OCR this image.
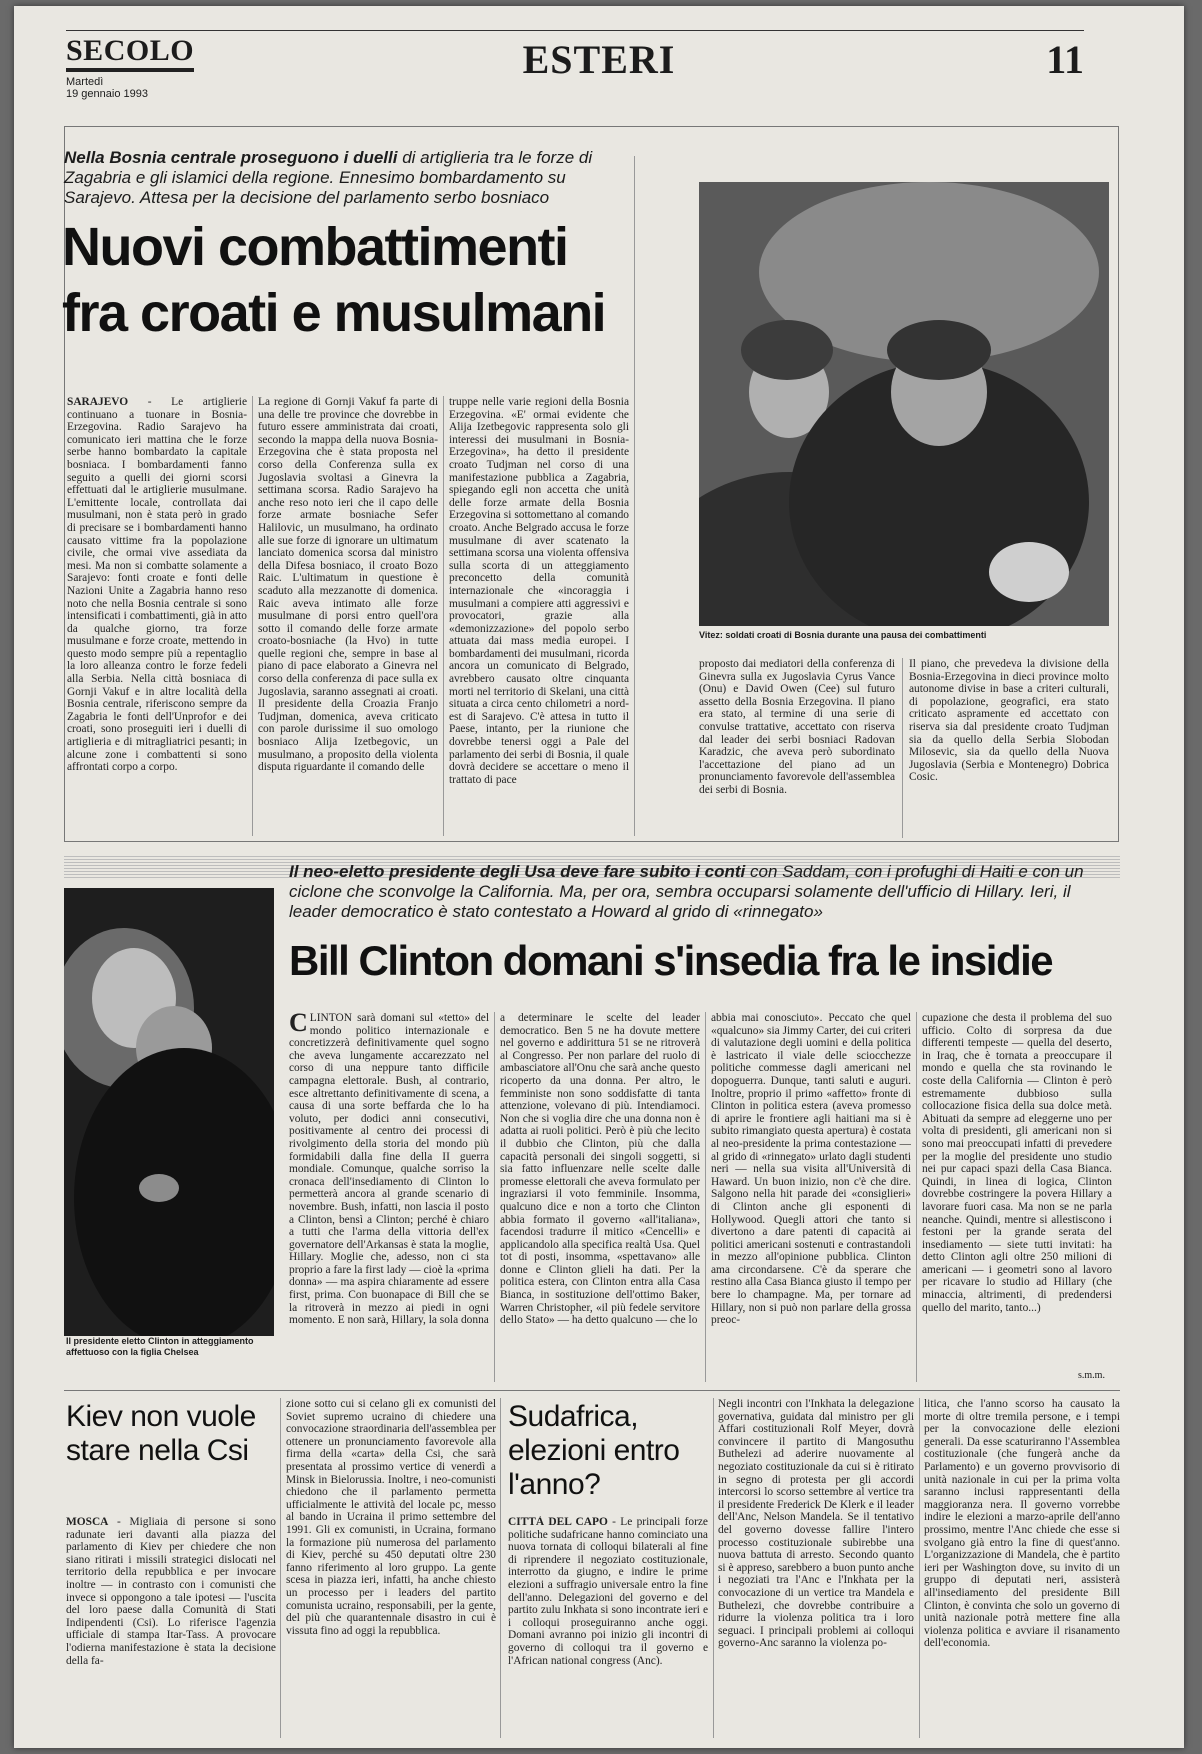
SECOLO
Martedì
19 gennaio 1993
ESTERI	11
Nella Bosnia centrale proseguono i duelli di artiglieria tra le forze di Zagabria e gli islamici della regione. Ennesimo bombardamento su Sarajevo. Attesa per la decisione del parlamento serbo bosniaco
Nuovi combattimenti
fra croati e musulmani
Vitez: soldati croati di Bosnia durante una pausa dei combattimenti
SARAJEVO - Le artiglierie continuano a tuonare in Bosnia-Erzegovina. Radio Sarajevo ha comunicato ieri mattina che le forze serbe hanno bombardato la capitale bosniaca. I bombardamenti fanno seguito a quelli dei giorni scorsi effettuati dal le artiglierie musulmane. L'emittente locale, controllata dai musulmani, non è stata però in grado di precisare se i bombardamenti hanno causato vittime fra la popolazione civile, che ormai vive assediata da mesi. Ma non si combatte solamente a Sarajevo: fonti croate e fonti delle Nazioni Unite a Zagabria hanno reso noto che nella Bosnia centrale si sono intensificati i combattimenti, già in atto da qualche giorno, tra forze musulmane e forze croate, mettendo in questo modo sempre più a repentaglio la loro alleanza contro le forze fedeli alla Serbia. Nella città bosniaca di Gornji Vakuf e in altre località della Bosnia centrale, riferiscono sempre da Zagabria le fonti dell'Unprofor e dei croati, sono proseguiti ieri i duelli di artiglieria e di mitragliatrici pesanti; in alcune zone i combattenti si sono affrontati corpo a corpo.
La regione di Gornji Vakuf fa parte di una delle tre province che dovrebbe in futuro essere amministrata dai croati, secondo la mappa della nuova Bosnia-Erzegovina che è stata proposta nel corso della Conferenza sulla ex Jugoslavia svoltasi a Ginevra la settimana scorsa. Radio Sarajevo ha anche reso noto ieri che il capo delle forze armate bosniache Sefer Halilovic, un musulmano, ha ordinato alle sue forze di ignorare un ultimatum lanciato domenica scorsa dal ministro della Difesa bosniaco, il croato Bozo Raic. L'ultimatum in questione è scaduto alla mezzanotte di domenica. Raic aveva intimato alle forze musulmane di porsi entro quell'ora sotto il comando delle forze armate croato-bosniache (la Hvo) in tutte quelle regioni che, sempre in base al piano di pace elaborato a Ginevra nel corso della conferenza di pace sulla ex Jugoslavia, saranno assegnati ai croati. Il presidente della Croazia Franjo Tudjman, domenica, aveva criticato con parole durissime il suo omologo bosniaco Alija Izetbegovic, un musulmano, a proposito della violenta disputa riguardante il comando delle
truppe nelle varie regioni della Bosnia Erzegovina. «E' ormai evidente che Alija Izetbegovic rappresenta solo gli interessi dei musulmani in Bosnia-Erzegovina», ha detto il presidente croato Tudjman nel corso di una manifestazione pubblica a Zagabria, spiegando egli non accetta che unità delle forze armate della Bosnia Erzegovina si sottomettano al comando croato. Anche Belgrado accusa le forze musulmane di aver scatenato la settimana scorsa una violenta offensiva sulla scorta di un atteggiamento preconcetto della comunità internazionale che «incoraggia i musulmani a compiere atti aggressivi e provocatori, grazie alla «demonizzazione» del popolo serbo attuata dai mass media europei. I bombardamenti dei musulmani, ricorda ancora un comunicato di Belgrado, avrebbero causato oltre cinquanta morti nel territorio di Skelani, una città situata a circa cento chilometri a nord-est di Sarajevo. C'è attesa in tutto il Paese, intanto, per la riunione che dovrebbe tenersi oggi a Pale del parlamento dei serbi di Bosnia, il quale dovrà decidere se accettare o meno il trattato di pace
proposto dai mediatori della conferenza di Ginevra sulla ex Jugoslavia Cyrus Vance (Onu) e David Owen (Cee) sul futuro assetto della Bosnia Erzegovina. Il piano era stato, al termine di una serie di convulse trattative, accettato con riserva dal leader dei serbi bosniaci Radovan Karadzic, che aveva però subordinato l'accettazione del piano ad un pronunciamento favorevole dell'assemblea dei serbi di Bosnia.
Il piano, che prevedeva la divisione della Bosnia-Erzegovina in dieci province molto autonome divise in base a criteri culturali, di popolazione, geografici, era stato criticato aspramente ed accettato con riserva sia dal presidente croato Tudjman sia da quello della Serbia Slobodan Milosevic, sia da quello della Nuova Jugoslavia (Serbia e Montenegro) Dobrica Cosic.
Il presidente eletto Clinton in atteggiamento affettuoso con la figlia Chelsea
Il neo-eletto presidente degli Usa deve fare subito i conti con Saddam, con i profughi di Haiti e con un ciclone che sconvolge la California. Ma, per ora, sembra occuparsi solamente dell'ufficio di Hillary. Ieri, il leader democratico è stato contestato a Howard al grido di «rinnegato»
Bill Clinton domani s'insedia fra le insidie
CLINTON sarà domani sul «tetto» del mondo politico internazionale e concretizzerà definitivamente quel sogno che aveva lungamente accarezzato nel corso di una neppure tanto difficile campagna elettorale. Bush, al contrario, esce altrettanto definitivamente di scena, a causa di una sorte beffarda che lo ha voluto, per dodici anni consecutivi, positivamente al centro dei processi di rivolgimento della storia del mondo più formidabili dalla fine della II guerra mondiale. Comunque, qualche sorriso la cronaca dell'insediamento di Clinton lo permetterà ancora al grande scenario di novembre. Bush, infatti, non lascia il posto a Clinton, bensì a Clinton; perché è chiaro a tutti che l'arma della vittoria dell'ex governatore dell'Arkansas è stata la moglie, Hillary. Moglie che, adesso, non ci sta proprio a fare la first lady — cioè la «prima donna» — ma aspira chiaramente ad essere first, prima. Con buonapace di Bill che se la ritroverà in mezzo ai piedi in ogni momento. E non sarà, Hillary, la sola donna
a determinare le scelte del leader democratico. Ben 5 ne ha dovute mettere nel governo e addirittura 51 se ne ritroverà al Congresso. Per non parlare del ruolo di ambasciatore all'Onu che sarà anche questo ricoperto da una donna. Per altro, le femministe non sono soddisfatte di tanta attenzione, volevano di più. Intendiamoci. Non che si voglia dire che una donna non è adatta ai ruoli politici. Però è più che lecito il dubbio che Clinton, più che dalla capacità personali dei singoli soggetti, si sia fatto influenzare nelle scelte dalle promesse elettorali che aveva formulato per ingraziarsi il voto femminile. Insomma, qualcuno dice e non a torto che Clinton abbia formato il governo «all'italiana», facendosi tradurre il mitico «Cencelli» e applicandolo alla specifica realtà Usa. Quel tot di posti, insomma, «spettavano» alle donne e Clinton glieli ha dati. Per la politica estera, con Clinton entra alla Casa Bianca, in sostituzione dell'ottimo Baker, Warren Christopher, «il più fedele servitore dello Stato» — ha detto qualcuno — che lo
abbia mai conosciuto». Peccato che quel «qualcuno» sia Jimmy Carter, dei cui criteri di valutazione degli uomini e della politica è lastricato il viale delle sciocchezze politiche commesse dagli americani nel dopoguerra. Dunque, tanti saluti e auguri. Inoltre, proprio il primo «affetto» fronte di Clinton in politica estera (aveva promesso di aprire le frontiere agli haitiani ma si è subito rimangiato questa apertura) è costata al neo-presidente la prima contestazione — al grido di «rinnegato» urlato dagli studenti neri — nella sua visita all'Università di Haward. Un buon inizio, non c'è che dire. Salgono nella hit parade dei «consiglieri» di Clinton anche gli esponenti di Hollywood. Quegli attori che tanto si divertono a dare patenti di capacità ai politici americani sostenuti e contrastandoli in mezzo all'opinione pubblica. Clinton ama circondarsene. C'è da sperare che restino alla Casa Bianca giusto il tempo per bere lo champagne. Ma, per tornare ad Hillary, non si può non parlare della grossa preoc-
cupazione che desta il problema del suo ufficio. Colto di sorpresa da due differenti tempeste — quella del deserto, in Iraq, che è tornata a preoccupare il mondo e quella che sta rovinando le coste della California — Clinton è però estremamente dubbioso sulla collocazione fisica della sua dolce metà. Abituati da sempre ad eleggerne uno per volta di presidenti, gli americani non si sono mai preoccupati infatti di prevedere per la moglie del presidente uno studio nei pur capaci spazi della Casa Bianca. Quindi, in linea di logica, Clinton dovrebbe costringere la povera Hillary a lavorare fuori casa. Ma non se ne parla neanche. Quindi, mentre si allestiscono i festoni per la grande serata del insediamento — siete tutti invitati: ha detto Clinton agli oltre 250 milioni di americani — i geometri sono al lavoro per ricavare lo studio ad Hillary (che minaccia, altrimenti, di predendersi quello del marito, tanto...)
s.m.m.
Kiev non vuole stare nella Csi
MOSCA - Migliaia di persone si sono radunate ieri davanti alla piazza del parlamento di Kiev per chiedere che non siano ritirati i missili strategici dislocati nel territorio della repubblica e per invocare inoltre — in contrasto con i comunisti che invece si oppongono a tale ipotesi — l'uscita del loro paese dalla Comunità di Stati Indipendenti (Csi). Lo riferisce l'agenzia ufficiale di stampa Itar-Tass. A provocare l'odierna manifestazione è stata la decisione della fa-
zione sotto cui si celano gli ex comunisti del Soviet supremo ucraino di chiedere una convocazione straordinaria dell'assemblea per ottenere un pronunciamento favorevole alla firma della «carta» della Csi, che sarà presentata al prossimo vertice di venerdì a Minsk in Bielorussia. Inoltre, i neo-comunisti chiedono che il parlamento permetta ufficialmente le attività del locale pc, messo al bando in Ucraina il primo settembre del 1991. Gli ex comunisti, in Ucraina, formano la formazione più numerosa del parlamento di Kiev, perché su 450 deputati oltre 230 fanno riferimento al loro gruppo. La gente scesa in piazza ieri, infatti, ha anche chiesto un processo per i leaders del partito comunista ucraino, responsabili, per la gente, del più che quarantennale disastro in cui è vissuta fino ad oggi la repubblica.
Sudafrica, elezioni entro l'anno?
CITTÀ DEL CAPO - Le principali forze politiche sudafricane hanno cominciato una nuova tornata di colloqui bilaterali al fine di riprendere il negoziato costituzionale, interrotto da giugno, e indire le prime elezioni a suffragio universale entro la fine dell'anno. Delegazioni del governo e del partito zulu Inkhata si sono incontrate ieri e i colloqui proseguiranno anche oggi. Domani avranno poi inizio gli incontri di governo di colloqui tra il governo e l'African national congress (Anc).
Negli incontri con l'Inkhata la delegazione governativa, guidata dal ministro per gli Affari costituzionali Rolf Meyer, dovrà convincere il partito di Mangosuthu Buthelezi ad aderire nuovamente al negoziato costituzionale da cui si è ritirato in segno di protesta per gli accordi intercorsi lo scorso settembre al vertice tra il presidente Frederick De Klerk e il leader dell'Anc, Nelson Mandela. Se il tentativo del governo dovesse fallire l'intero processo costituzionale subirebbe una nuova battuta di arresto. Secondo quanto si è appreso, sarebbero a buon punto anche i negoziati tra l'Anc e l'Inkhata per la convocazione di un vertice tra Mandela e Buthelezi, che dovrebbe contribuire a ridurre la violenza politica tra i loro seguaci. I principali problemi ai colloqui governo-Anc saranno la violenza po-
litica, che l'anno scorso ha causato la morte di oltre tremila persone, e i tempi per la convocazione delle elezioni generali. Da esse scaturiranno l'Assemblea costituzionale (che fungerà anche da Parlamento) e un governo provvisorio di unità nazionale in cui per la prima volta saranno inclusi rappresentanti della maggioranza nera. Il governo vorrebbe indire le elezioni a marzo-aprile dell'anno prossimo, mentre l'Anc chiede che esse si svolgano già entro la fine di quest'anno. L'organizzazione di Mandela, che è partito ieri per Washington dove, su invito di un gruppo di deputati neri, assisterà all'insediamento del presidente Bill Clinton, è convinta che solo un governo di unità nazionale potrà mettere fine alla violenza politica e avviare il risanamento dell'economia.
